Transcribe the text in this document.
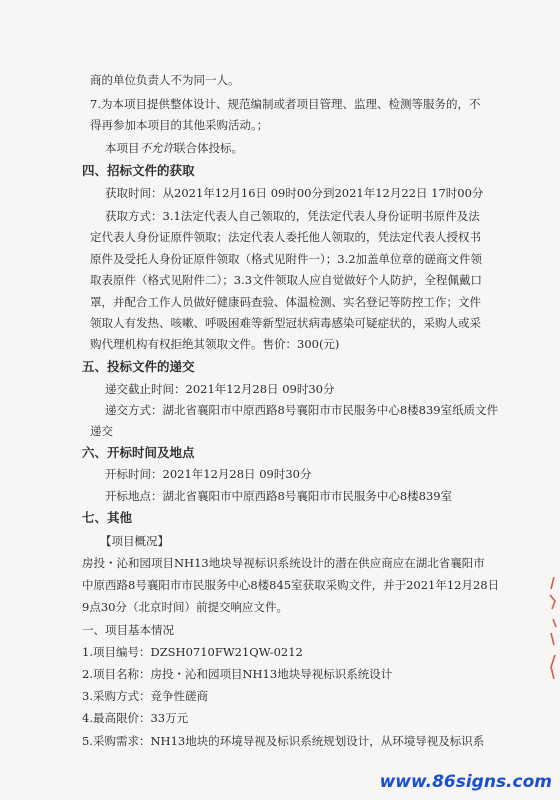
商的单位负责人不为同一人。
7.为本项目提供整体设计、规范编制或者项目管理、监理、检测等服务的，不
得再参加本项目的其他采购活动。；
本项目不允许联合体投标。
四、招标文件的获取
获取时间：从2021年12月16日 09时00分到2021年12月22日 17时00分
获取方式：3.1法定代表人自己领取的，凭法定代表人身份证明书原件及法
定代表人身份证原件领取；法定代表人委托他人领取的，凭法定代表人授权书
原件及受托人身份证原件领取（格式见附件一）；3.2加盖单位章的磋商文件领
取表原件（格式见附件二）；3.3文件领取人应自觉做好个人防护，全程佩戴口
罩，并配合工作人员做好健康码查验、体温检测、实名登记等防控工作；文件
领取人有发热、咳嗽、呼吸困难等新型冠状病毒感染可疑症状的，采购人或采
购代理机构有权拒绝其领取文件。售价：300(元)
五、投标文件的递交
递交截止时间：2021年12月28日 09时30分
递交方式：湖北省襄阳市中原西路8号襄阳市市民服务中心8楼839室纸质文件
递交
六、开标时间及地点
开标时间：2021年12月28日 09时30分
开标地点：湖北省襄阳市中原西路8号襄阳市市民服务中心8楼839室
七、其他
【项目概况】
房投・沁和园项目NH13地块导视标识系统设计的潜在供应商应在湖北省襄阳市
中原西路8号襄阳市市民服务中心8楼845室获取采购文件，并于2021年12月28日
9点30分（北京时间）前提交响应文件。
一、项目基本情况
1.项目编号：DZSH0710FW21QW-0212
2.项目名称：房投・沁和园项目NH13地块导视标识系统设计
3.采购方式：竞争性磋商
4.最高限价：33万元
5.采购需求：NH13地块的环境导视及标识系统规划设计，从环境导视及标识系
www.86signs.com
